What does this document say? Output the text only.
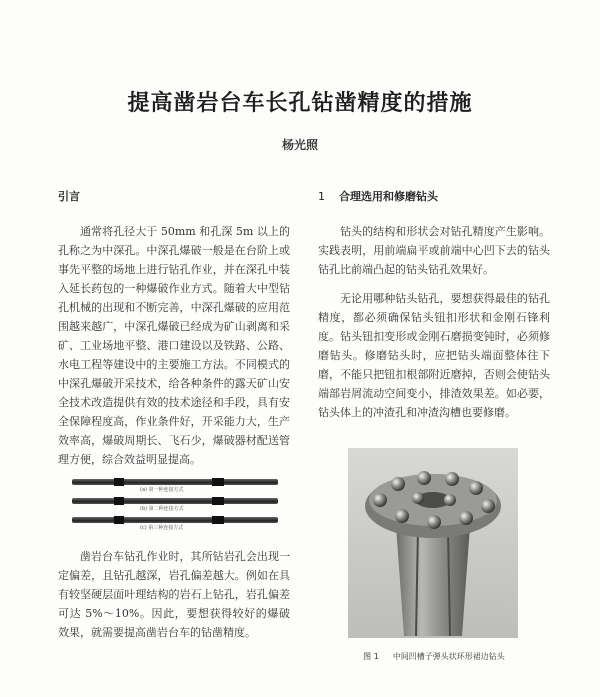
提高凿岩台车长孔钻凿精度的措施
杨光照
引言

通常将孔径大于 50mm 和孔深 5m 以上的孔称之为中深孔。中深孔爆破一般是在台阶上或事先平整的场地上进行钻孔作业，并在深孔中装入延长药包的一种爆破作业方式。随着大中型钻孔机械的出现和不断完善，中深孔爆破的应用范围越来越广，中深孔爆破已经成为矿山剥离和采矿、工业场地平整、港口建设以及铁路、公路、水电工程等建设中的主要施工方法。不同模式的中深孔爆破开采技术，给各种条件的露天矿山安全技术改造提供有效的技术途径和手段，具有安全保障程度高，作业条件好，开采能力大，生产效率高，爆破周期长、飞石少，爆破器材配送管理方便，综合效益明显提高。

(a) 第一种连接方式
(b) 第二种连接方式
(c) 第三种连接方式

凿岩台车钻孔作业时，其所钻岩孔会出现一定偏差，且钻孔越深，岩孔偏差越大。例如在具有较坚硬层面叶理结构的岩石上钻孔，岩孔偏差可达 5%～10%。因此，要想获得较好的爆破效果，就需要提高凿岩台车的钻凿精度。

1 合理选用和修磨钻头

钻头的结构和形状会对钻孔精度产生影响。实践表明，用前端扁平或前端中心凹下去的钻头钻孔比前端凸起的钻头钻孔效果好。

无论用哪种钻头钻孔，要想获得最佳的钻孔精度，都必须确保钻头钮扣形状和金刚石锋利度。钻头钮扣变形或金刚石磨损变钝时，必须修磨钻头。修磨钻头时，应把钻头端面整体往下磨，不能只把钮扣根部附近磨掉，否则会使钻头端部岩屑流动空间变小，排渣效果差。如必要，钻头体上的冲渣孔和冲渣沟槽也要修磨。

图 1 中间凹槽子弹头状环形裙边钻头
